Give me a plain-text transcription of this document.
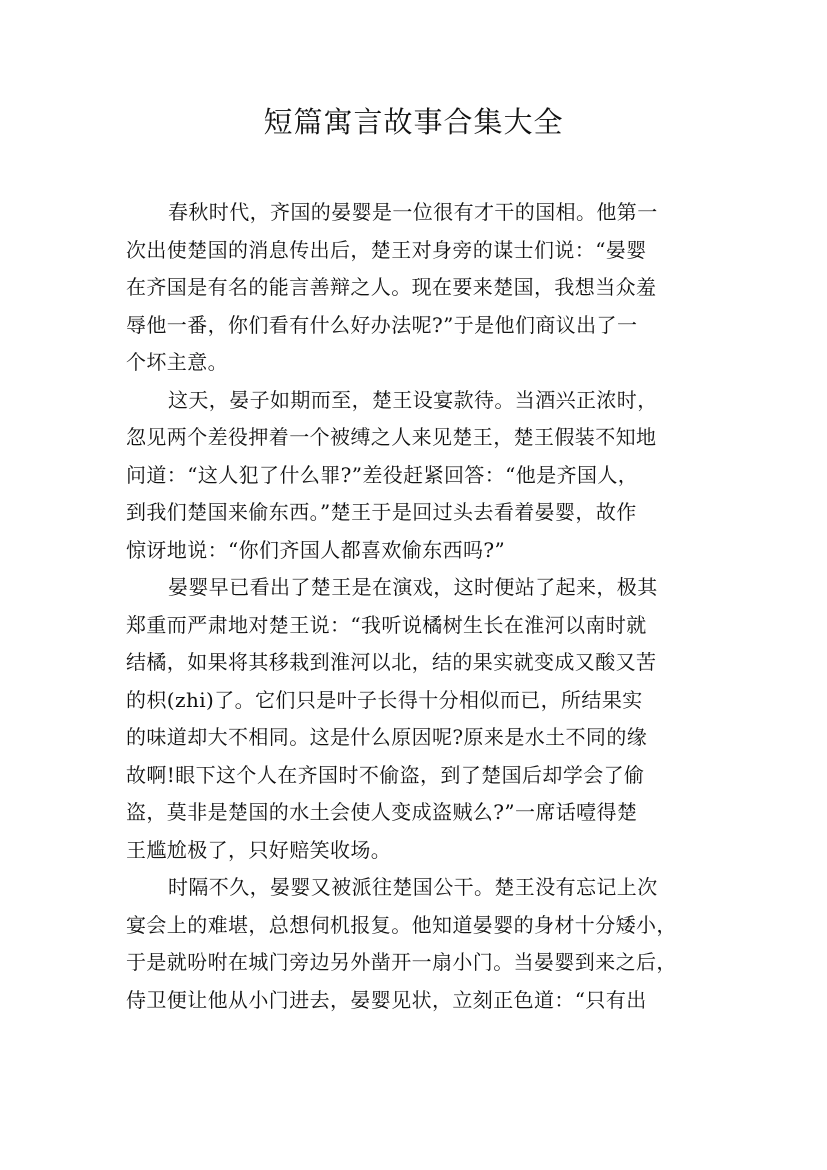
短篇寓言故事合集大全
春秋时代，齐国的晏婴是一位很有才干的国相。他第一
次出使楚国的消息传出后，楚王对身旁的谋士们说：“晏婴
在齐国是有名的能言善辩之人。现在要来楚国，我想当众羞
辱他一番，你们看有什么好办法呢?”于是他们商议出了一
个坏主意。
这天，晏子如期而至，楚王设宴款待。当酒兴正浓时，
忽见两个差役押着一个被缚之人来见楚王，楚王假装不知地
问道：“这人犯了什么罪?”差役赶紧回答：“他是齐国人，
到我们楚国来偷东西。”楚王于是回过头去看着晏婴，故作
惊讶地说：“你们齐国人都喜欢偷东西吗?”
晏婴早已看出了楚王是在演戏，这时便站了起来，极其
郑重而严肃地对楚王说：“我听说橘树生长在淮河以南时就
结橘，如果将其移栽到淮河以北，结的果实就变成又酸又苦
的枳(zhi)了。它们只是叶子长得十分相似而已，所结果实
的味道却大不相同。这是什么原因呢?原来是水土不同的缘
故啊!眼下这个人在齐国时不偷盗，到了楚国后却学会了偷
盗，莫非是楚国的水土会使人变成盗贼么?”一席话噎得楚
王尴尬极了，只好赔笑收场。
时隔不久，晏婴又被派往楚国公干。楚王没有忘记上次
宴会上的难堪，总想伺机报复。他知道晏婴的身材十分矮小，
于是就吩咐在城门旁边另外凿开一扇小门。当晏婴到来之后，
侍卫便让他从小门进去，晏婴见状，立刻正色道：“只有出
